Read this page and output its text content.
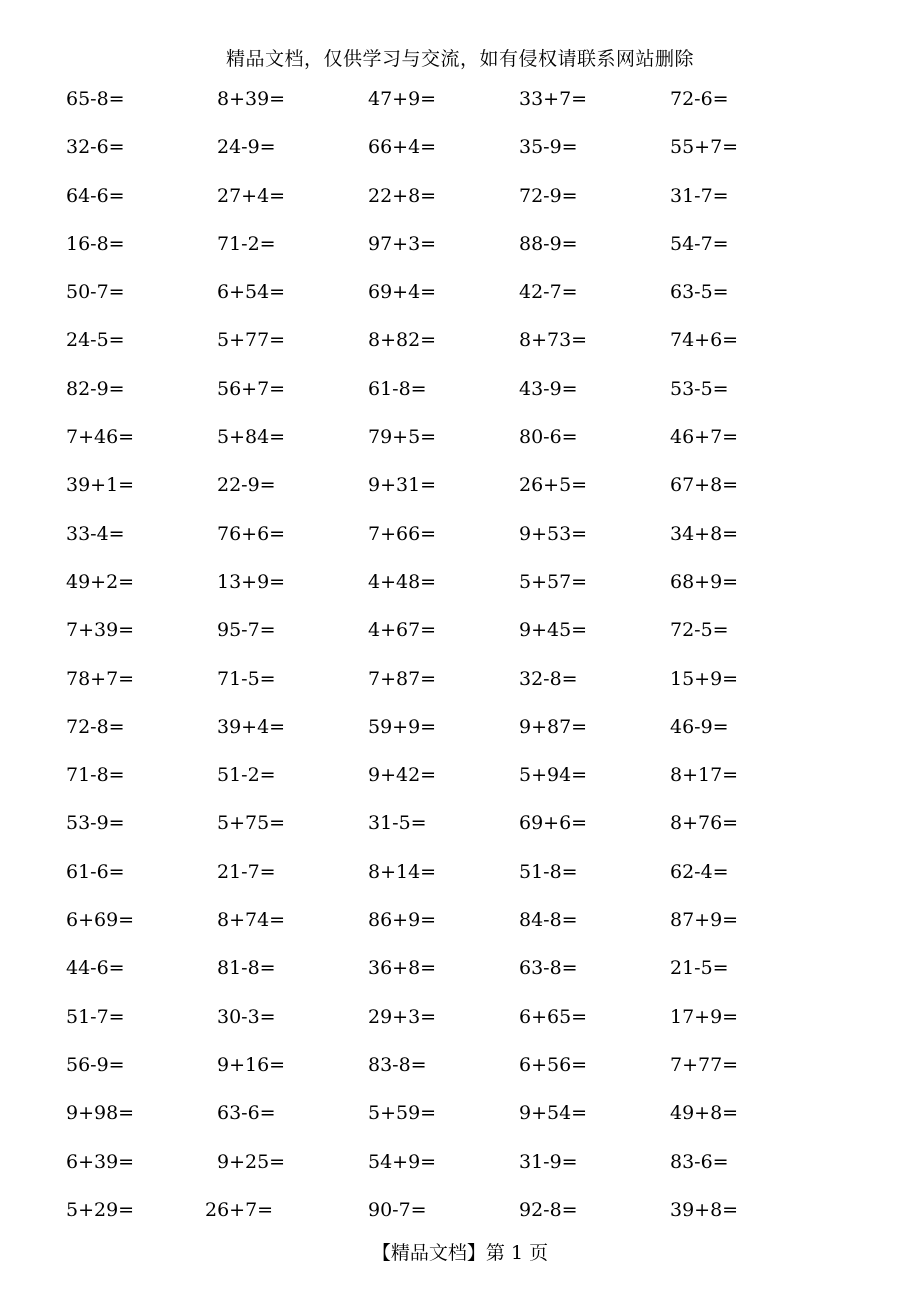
精品文档，仅供学习与交流，如有侵权请联系网站删除
65-8=	8+39=	47+9=	33+7=	72-6=
32-6=	24-9=	66+4=	35-9=	55+7=
64-6=	27+4=	22+8=	72-9=	31-7=
16-8=	71-2=	97+3=	88-9=	54-7=
50-7=	6+54=	69+4=	42-7=	63-5=
24-5=	5+77=	8+82=	8+73=	74+6=
82-9=	56+7=	61-8=	43-9=	53-5=
7+46=	5+84=	79+5=	80-6=	46+7=
39+1=	22-9=	9+31=	26+5=	67+8=
33-4=	76+6=	7+66=	9+53=	34+8=
49+2=	13+9=	4+48=	5+57=	68+9=
7+39=	95-7=	4+67=	9+45=	72-5=
78+7=	71-5=	7+87=	32-8=	15+9=
72-8=	39+4=	59+9=	9+87=	46-9=
71-8=	51-2=	9+42=	5+94=	8+17=
53-9=	5+75=	31-5=	69+6=	8+76=
61-6=	21-7=	8+14=	51-8=	62-4=
6+69=	8+74=	86+9=	84-8=	87+9=
44-6=	81-8=	36+8=	63-8=	21-5=
51-7=	30-3=	29+3=	6+65=	17+9=
56-9=	9+16=	83-8=	6+56=	7+77=
9+98=	63-6=	5+59=	9+54=	49+8=
6+39=	9+25=	54+9=	31-9=	83-6=
5+29=	26+7=	90-7=	92-8=	39+8=
【精品文档】第 1 页
